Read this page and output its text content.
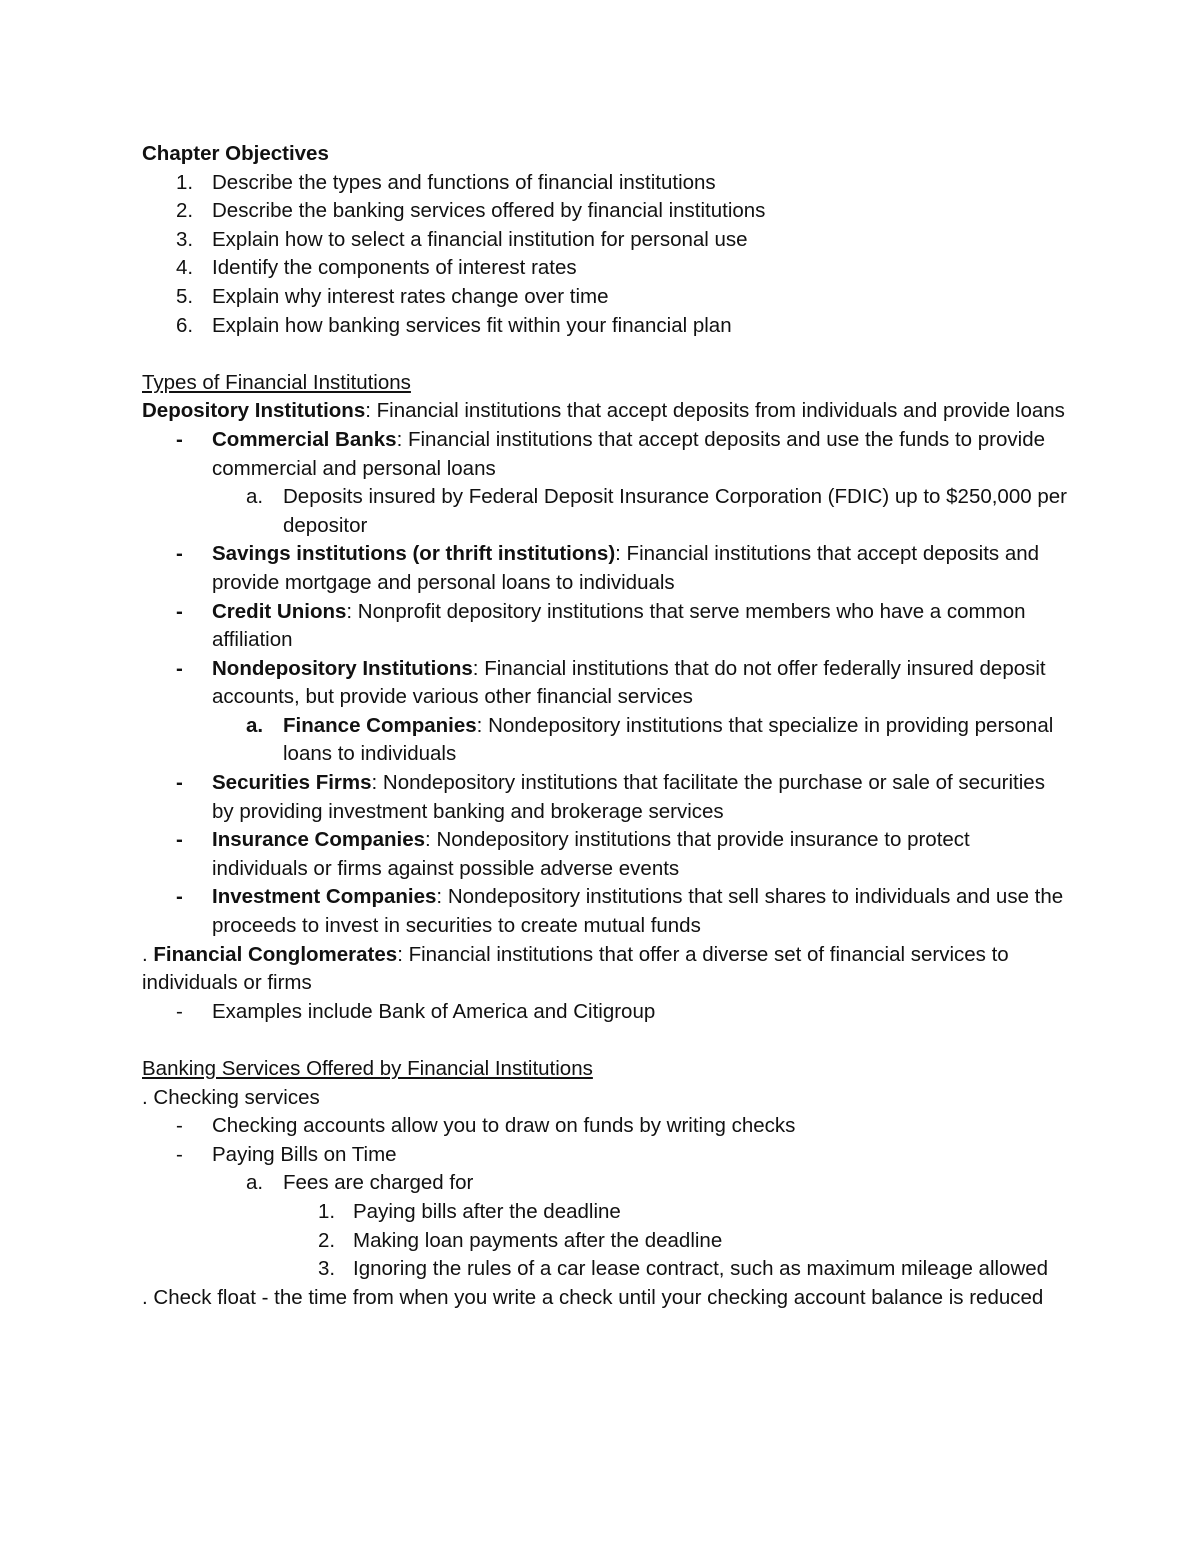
Chapter Objectives
1. Describe the types and functions of financial institutions
2. Describe the banking services offered by financial institutions
3. Explain how to select a financial institution for personal use
4. Identify the components of interest rates
5. Explain why interest rates change over time
6. Explain how banking services fit within your financial plan
Types of Financial Institutions
Depository Institutions: Financial institutions that accept deposits from individuals and provide loans
- Commercial Banks: Financial institutions that accept deposits and use the funds to provide commercial and personal loans
a. Deposits insured by Federal Deposit Insurance Corporation (FDIC) up to $250,000 per depositor
- Savings institutions (or thrift institutions): Financial institutions that accept deposits and provide mortgage and personal loans to individuals
- Credit Unions: Nonprofit depository institutions that serve members who have a common affiliation
- Nondepository Institutions: Financial institutions that do not offer federally insured deposit accounts, but provide various other financial services
a. Finance Companies: Nondepository institutions that specialize in providing personal loans to individuals
- Securities Firms: Nondepository institutions that facilitate the purchase or sale of securities by providing investment banking and brokerage services
- Insurance Companies: Nondepository institutions that provide insurance to protect individuals or firms against possible adverse events
- Investment Companies: Nondepository institutions that sell shares to individuals and use the proceeds to invest in securities to create mutual funds
. Financial Conglomerates: Financial institutions that offer a diverse set of financial services to individuals or firms
- Examples include Bank of America and Citigroup
Banking Services Offered by Financial Institutions
. Checking services
- Checking accounts allow you to draw on funds by writing checks
- Paying Bills on Time
a. Fees are charged for
1. Paying bills after the deadline
2. Making loan payments after the deadline
3. Ignoring the rules of a car lease contract, such as maximum mileage allowed
. Check float - the time from when you write a check until your checking account balance is reduced
